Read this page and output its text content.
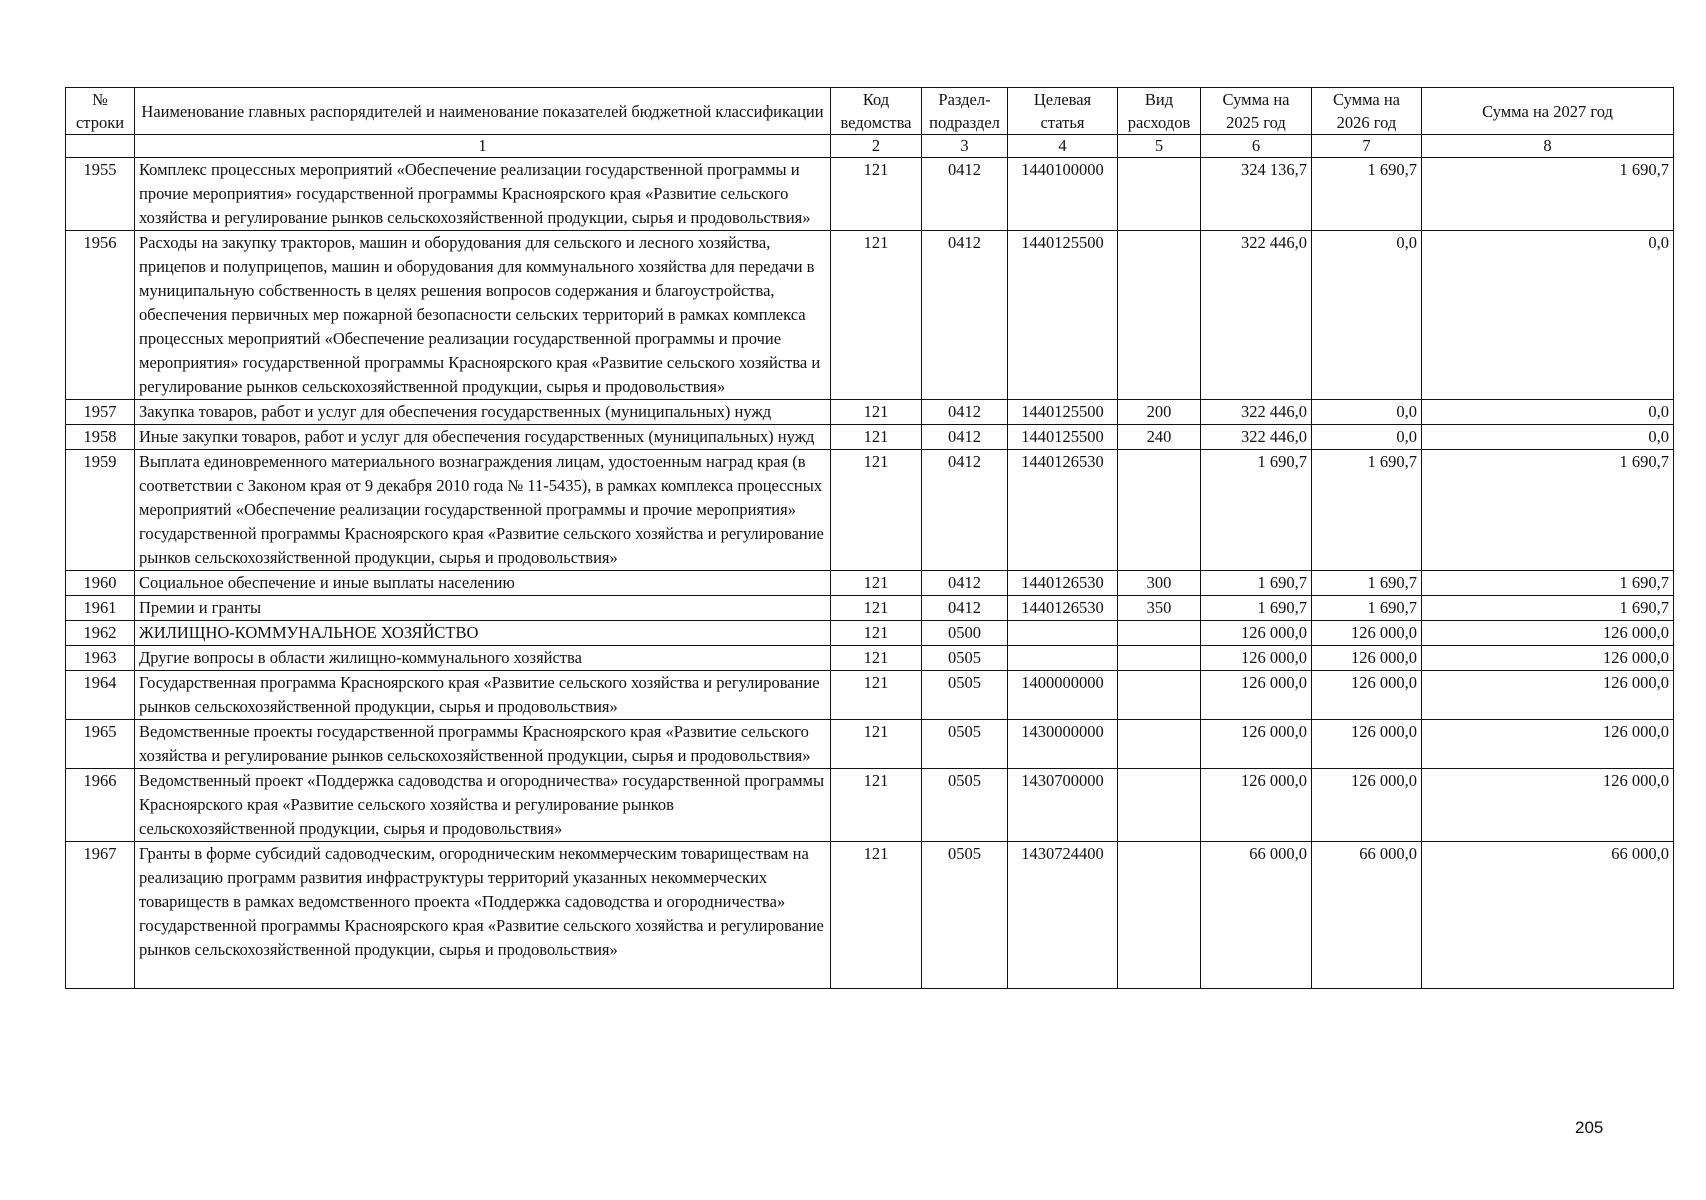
№ строки	Наименование главных распорядителей и наименование показателей бюджетной классификации	Код ведомства	Раздел-подраздел	Целевая статья	Вид расходов	Сумма на 2025 год	Сумма на 2026 год	Сумма на 2027 год
	1	2	3	4	5	6	7	8
1955	Комплекс процессных мероприятий «Обеспечение реализации государственной программы и прочие мероприятия» государственной программы Красноярского края «Развитие сельского хозяйства и регулирование рынков сельскохозяйственной продукции, сырья и продовольствия»	121	0412	1440100000		324 136,7	1 690,7	1 690,7
1956	Расходы на закупку тракторов, машин и оборудования для сельского и лесного хозяйства, прицепов и полуприцепов, машин и оборудования для коммунального хозяйства для передачи в муниципальную собственность в целях решения вопросов содержания и благоустройства, обеспечения первичных мер пожарной безопасности сельских территорий в рамках комплекса процессных мероприятий «Обеспечение реализации государственной программы и прочие мероприятия» государственной программы Красноярского края «Развитие сельского хозяйства и регулирование рынков сельскохозяйственной продукции, сырья и продовольствия»	121	0412	1440125500		322 446,0	0,0	0,0
1957	Закупка товаров, работ и услуг для обеспечения государственных (муниципальных) нужд	121	0412	1440125500	200	322 446,0	0,0	0,0
1958	Иные закупки товаров, работ и услуг для обеспечения государственных (муниципальных) нужд	121	0412	1440125500	240	322 446,0	0,0	0,0
1959	Выплата единовременного материального вознаграждения лицам, удостоенным наград края (в соответствии с Законом края от 9 декабря 2010 года № 11-5435), в рамках комплекса процессных мероприятий «Обеспечение реализации государственной программы и прочие мероприятия» государственной программы Красноярского края «Развитие сельского хозяйства и регулирование рынков сельскохозяйственной продукции, сырья и продовольствия»	121	0412	1440126530		1 690,7	1 690,7	1 690,7
1960	Социальное обеспечение и иные выплаты населению	121	0412	1440126530	300	1 690,7	1 690,7	1 690,7
1961	Премии и гранты	121	0412	1440126530	350	1 690,7	1 690,7	1 690,7
1962	ЖИЛИЩНО-КОММУНАЛЬНОЕ ХОЗЯЙСТВО	121	0500			126 000,0	126 000,0	126 000,0
1963	Другие вопросы в области жилищно-коммунального хозяйства	121	0505			126 000,0	126 000,0	126 000,0
1964	Государственная программа Красноярского края «Развитие сельского хозяйства и регулирование рынков сельскохозяйственной продукции, сырья и продовольствия»	121	0505	1400000000		126 000,0	126 000,0	126 000,0
1965	Ведомственные проекты государственной программы Красноярского края «Развитие сельского хозяйства и регулирование рынков сельскохозяйственной продукции, сырья и продовольствия»	121	0505	1430000000		126 000,0	126 000,0	126 000,0
1966	Ведомственный проект «Поддержка садоводства и огородничества» государственной программы Красноярского края «Развитие сельского хозяйства и регулирование рынков сельскохозяйственной продукции, сырья и продовольствия»	121	0505	1430700000		126 000,0	126 000,0	126 000,0
1967	Гранты в форме субсидий садоводческим, огородническим некоммерческим товариществам на реализацию программ развития инфраструктуры территорий указанных некоммерческих товариществ в рамках ведомственного проекта «Поддержка садоводства и огородничества» государственной программы Красноярского края «Развитие сельского хозяйства и регулирование рынков сельскохозяйственной продукции, сырья и продовольствия»	121	0505	1430724400		66 000,0	66 000,0	66 000,0
205
